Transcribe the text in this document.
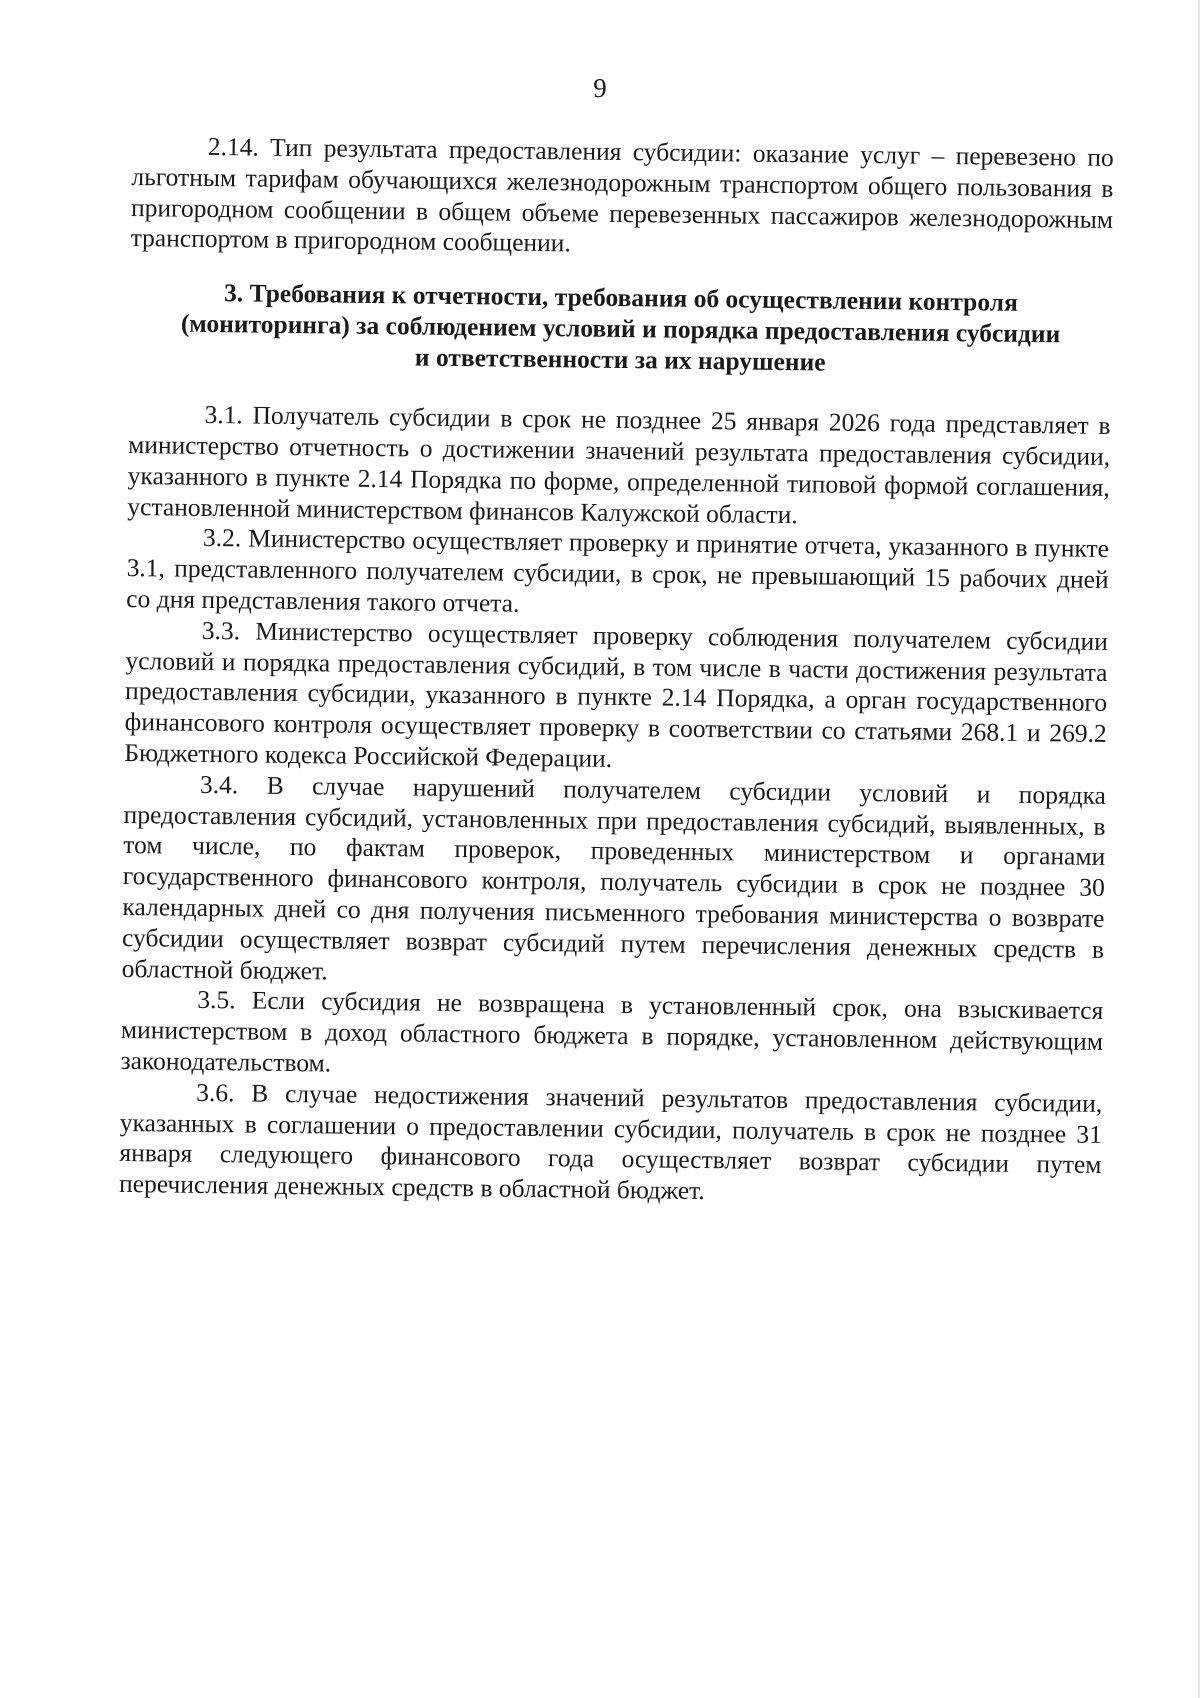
9

2.14. Тип результата предоставления субсидии: оказание услуг – перевезено по льготным тарифам обучающихся железнодорожным транспортом общего пользования в пригородном сообщении в общем объеме перевезенных пассажиров железнодорожным транспортом в пригородном сообщении.

3. Требования к отчетности, требования об осуществлении контроля
(мониторинга) за соблюдением условий и порядка предоставления субсидии
и ответственности за их нарушение

3.1. Получатель субсидии в срок не позднее 25 января 2026 года представляет в министерство отчетность о достижении значений результата предоставления субсидии, указанного в пункте 2.14 Порядка по форме, определенной типовой формой соглашения, установленной министерством финансов Калужской области.

3.2. Министерство осуществляет проверку и принятие отчета, указанного в пункте 3.1, представленного получателем субсидии, в срок, не превышающий 15 рабочих дней со дня представления такого отчета.

3.3. Министерство осуществляет проверку соблюдения получателем субсидии условий и порядка предоставления субсидий, в том числе в части достижения результата предоставления субсидии, указанного в пункте 2.14 Порядка, а орган государственного финансового контроля осуществляет проверку в соответствии со статьями 268.1 и 269.2 Бюджетного кодекса Российской Федерации.

3.4. В случае нарушений получателем субсидии условий и порядка предоставления субсидий, установленных при предоставления субсидий, выявленных, в том числе, по фактам проверок, проведенных министерством и органами государственного финансового контроля, получатель субсидии в срок не позднее 30 календарных дней со дня получения письменного требования министерства о возврате субсидии осуществляет возврат субсидий путем перечисления денежных средств в областной бюджет.

3.5. Если субсидия не возвращена в установленный срок, она взыскивается министерством в доход областного бюджета в порядке, установленном действующим законодательством.

3.6. В случае недостижения значений результатов предоставления субсидии, указанных в соглашении о предоставлении субсидии, получатель в срок не позднее 31 января следующего финансового года осуществляет возврат субсидии путем перечисления денежных средств в областной бюджет.
